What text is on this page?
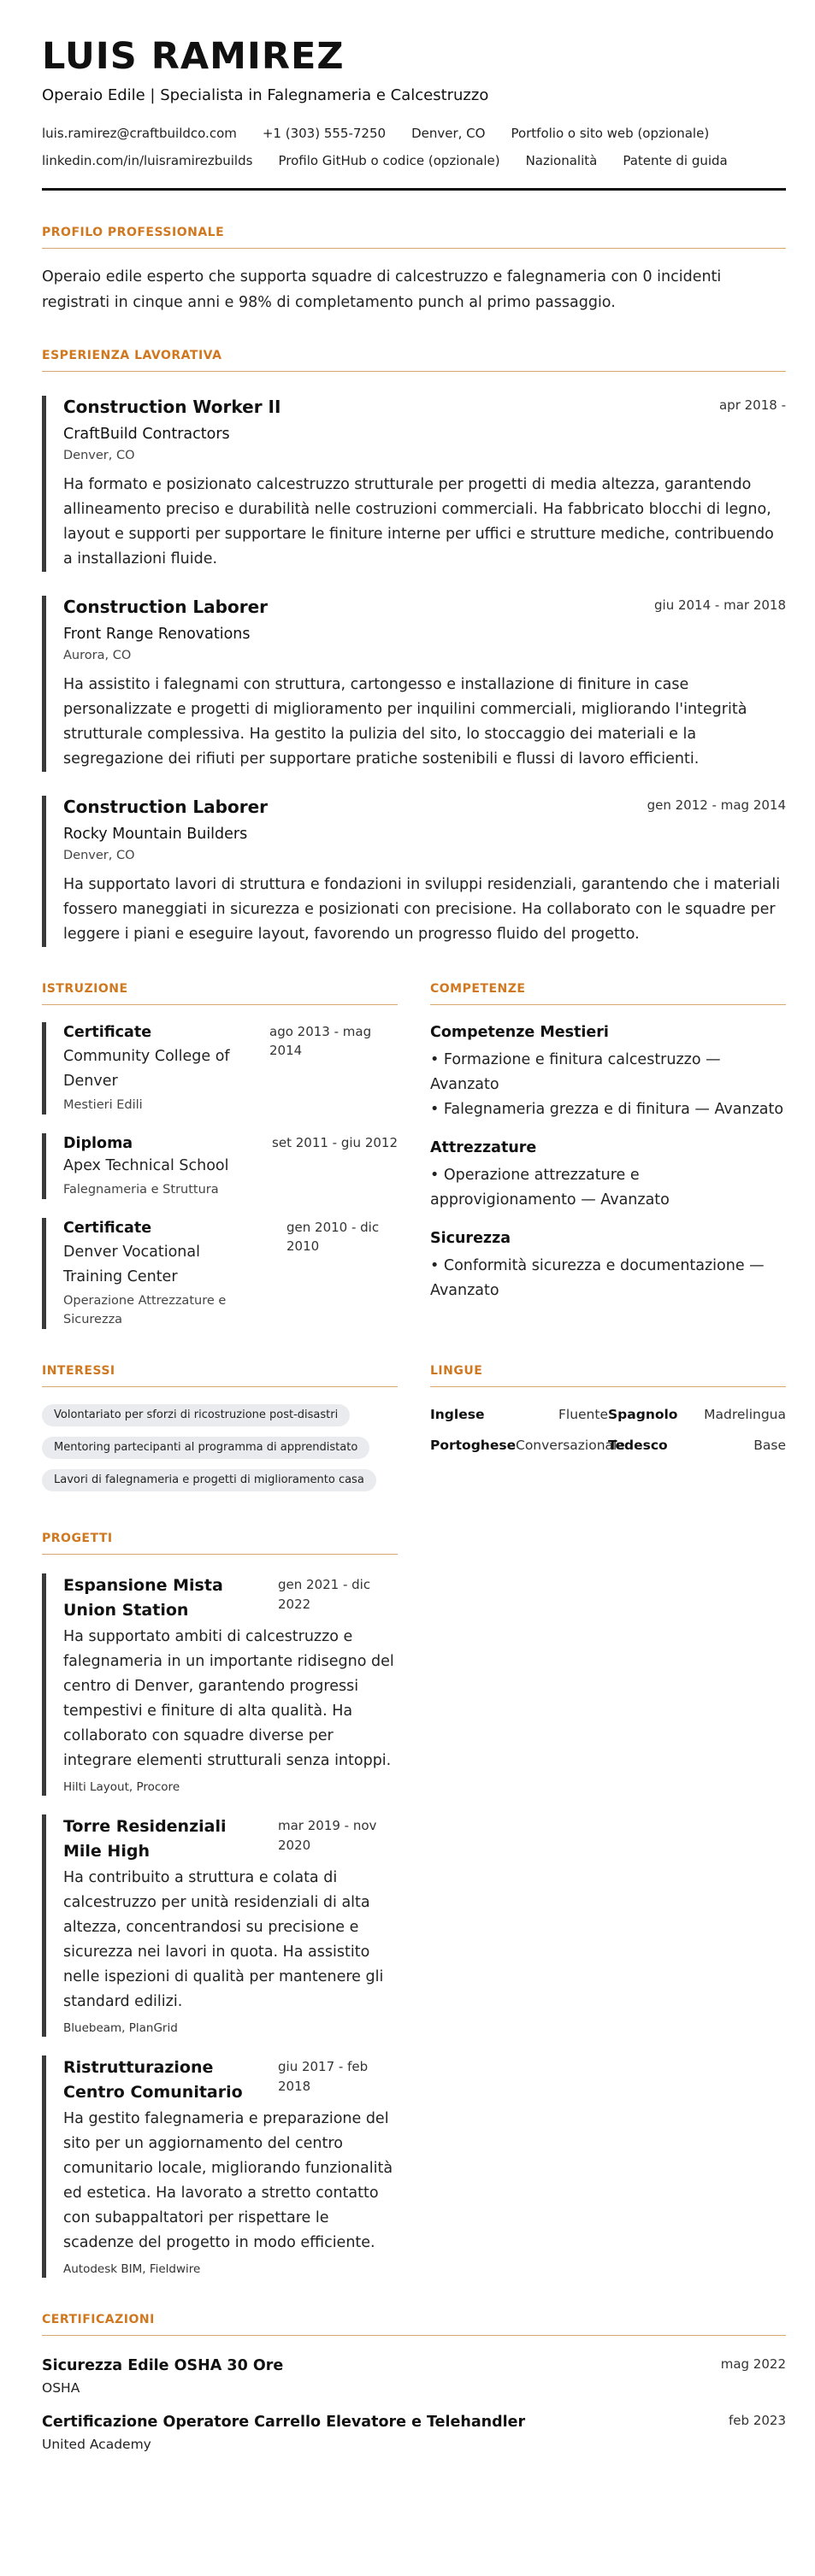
LUIS RAMIREZ
Operaio Edile | Specialista in Falegnameria e Calcestruzzo
luis.ramirez@craftbuildco.com +1 (303) 555-7250 Denver, CO Portfolio o sito web (opzionale)
linkedin.com/in/luisramirezbuilds Profilo GitHub o codice (opzionale) Nazionalità Patente di guida
PROFILO PROFESSIONALE
Operaio edile esperto che supporta squadre di calcestruzzo e falegnameria con 0 incidenti registrati in cinque anni e 98% di completamento punch al primo passaggio.
ESPERIENZA LAVORATIVA
Construction Worker II	apr 2018 -
CraftBuild Contractors
Denver, CO
Ha formato e posizionato calcestruzzo strutturale per progetti di media altezza, garantendo allineamento preciso e durabilità nelle costruzioni commerciali. Ha fabbricato blocchi di legno, layout e supporti per supportare le finiture interne per uffici e strutture mediche, contribuendo a installazioni fluide.
Construction Laborer	giu 2014 - mar 2018
Front Range Renovations
Aurora, CO
Ha assistito i falegnami con struttura, cartongesso e installazione di finiture in case personalizzate e progetti di miglioramento per inquilini commerciali, migliorando l'integrità strutturale complessiva. Ha gestito la pulizia del sito, lo stoccaggio dei materiali e la segregazione dei rifiuti per supportare pratiche sostenibili e flussi di lavoro efficienti.
Construction Laborer	gen 2012 - mag 2014
Rocky Mountain Builders
Denver, CO
Ha supportato lavori di struttura e fondazioni in sviluppi residenziali, garantendo che i materiali fossero maneggiati in sicurezza e posizionati con precisione. Ha collaborato con le squadre per leggere i piani e eseguire layout, favorendo un progresso fluido del progetto.
ISTRUZIONE
Certificate	ago 2013 - mag 2014
Community College of Denver
Mestieri Edili
Diploma	set 2011 - giu 2012
Apex Technical School
Falegnameria e Struttura
Certificate	gen 2010 - dic 2010
Denver Vocational Training Center
Operazione Attrezzature e Sicurezza
COMPETENZE
Competenze Mestieri
• Formazione e finitura calcestruzzo — Avanzato
• Falegnameria grezza e di finitura — Avanzato
Attrezzature
• Operazione attrezzature e approvigionamento — Avanzato
Sicurezza
• Conformità sicurezza e documentazione — Avanzato
INTERESSI
Volontariato per sforzi di ricostruzione post-disastri
Mentoring partecipanti al programma di apprendistato
Lavori di falegnameria e progetti di miglioramento casa
LINGUE
Inglese	Fluente Spagnolo	Madrelingua
Portoghese Conversazionale
Tedesco	Base
PROGETTI
Espansione Mista Union Station
gen 2021 - dic 2022
Ha supportato ambiti di calcestruzzo e falegnameria in un importante ridisegno del centro di Denver, garantendo progressi tempestivi e finiture di alta qualità. Ha collaborato con squadre diverse per integrare elementi strutturali senza intoppi.
Hilti Layout, Procore
Torre Residenziali Mile High
mar 2019 - nov 2020
Ha contribuito a struttura e colata di calcestruzzo per unità residenziali di alta altezza, concentrandosi su precisione e sicurezza nei lavori in quota. Ha assistito nelle ispezioni di qualità per mantenere gli standard edilizi.
Bluebeam, PlanGrid
Ristrutturazione Centro Comunitario
giu 2017 - feb 2018
Ha gestito falegnameria e preparazione del sito per un aggiornamento del centro comunitario locale, migliorando funzionalità ed estetica. Ha lavorato a stretto contatto con subappaltatori per rispettare le scadenze del progetto in modo efficiente.
Autodesk BIM, Fieldwire
CERTIFICAZIONI
Sicurezza Edile OSHA 30 Ore	mag 2022
OSHA
Certificazione Operatore Carrello Elevatore e Telehandler	feb 2023
United Academy
